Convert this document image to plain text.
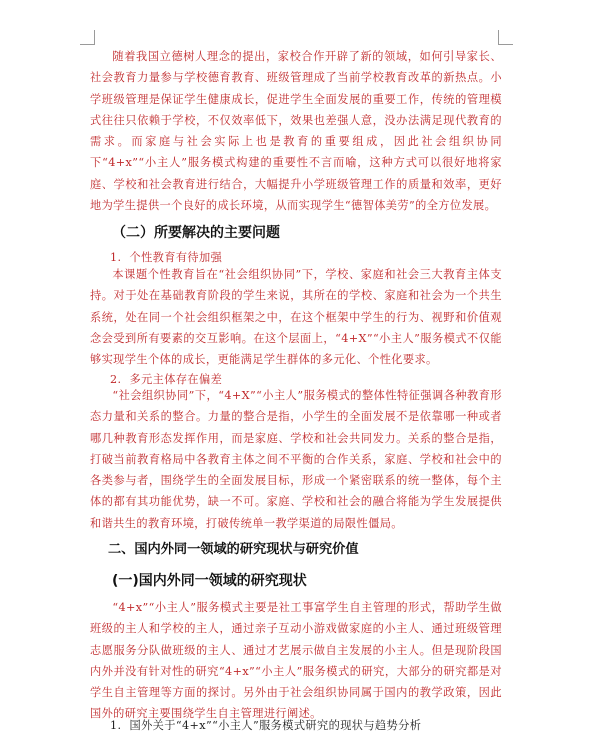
随着我国立德树人理念的提出，家校合作开辟了新的领域，如何引导家长、社会教育力量参与学校德育教育、班级管理成了当前学校教育改革的新热点。小学班级管理是保证学生健康成长，促进学生全面发展的重要工作，传统的管理模式往往只依赖于学校，不仅效率低下，效果也差强人意，没办法满足现代教育的需求。而家庭与社会实际上也是教育的重要组成，因此社会组织协同下“4+x”“小主人”服务模式构建的重要性不言而喻，这种方式可以很好地将家庭、学校和社会教育进行结合，大幅提升小学班级管理工作的质量和效率，更好地为学生提供一个良好的成长环境，从而实现学生“德智体美劳”的全方位发展。

（二）所要解决的主要问题
1. 个性教育有待加强

本课题个性教育旨在“社会组织协同”下，学校、家庭和社会三大教育主体支持。对于处在基础教育阶段的学生来说，其所在的学校、家庭和社会为一个共生系统，处在同一个社会组织框架之中，在这个框架中学生的行为、视野和价值观念会受到所有要素的交互影响。在这个层面上，“4+X”“小主人”服务模式不仅能够实现学生个体的成长，更能满足学生群体的多元化、个性化要求。

2. 多元主体存在偏差

“社会组织协同”下，“4+X”“小主人”服务模式的整体性特征强调各种教育形态力量和关系的整合。力量的整合是指，小学生的全面发展不是依靠哪一种或者哪几种教育形态发挥作用，而是家庭、学校和社会共同发力。关系的整合是指，打破当前教育格局中各教育主体之间不平衡的合作关系，家庭、学校和社会中的各类参与者，围绕学生的全面发展目标，形成一个紧密联系的统一整体，每个主体的都有其功能优势，缺一不可。家庭、学校和社会的融合将能为学生发展提供和谐共生的教育环境，打破传统单一教学渠道的局限性僵局。

二、国内外同一领域的研究现状与研究价值
(一)国内外同一领域的研究现状

“4+x”“小主人”服务模式主要是社工事富学生自主管理的形式，帮助学生做班级的主人和学校的主人，通过亲子互动小游戏做家庭的小主人、通过班级管理志愿服务分队做班级的主人、通过才艺展示做自主发展的小主人。但是现阶段国内外并没有针对性的研究“4+x”“小主人”服务模式的研究，大部分的研究都是对学生自主管理等方面的探讨。另外由于社会组织协同属于国内的教学政策，因此国外的研究主要围绕学生自主管理进行阐述。

1. 国外关于“4+x”“小主人”服务模式研究的现状与趋势分析
